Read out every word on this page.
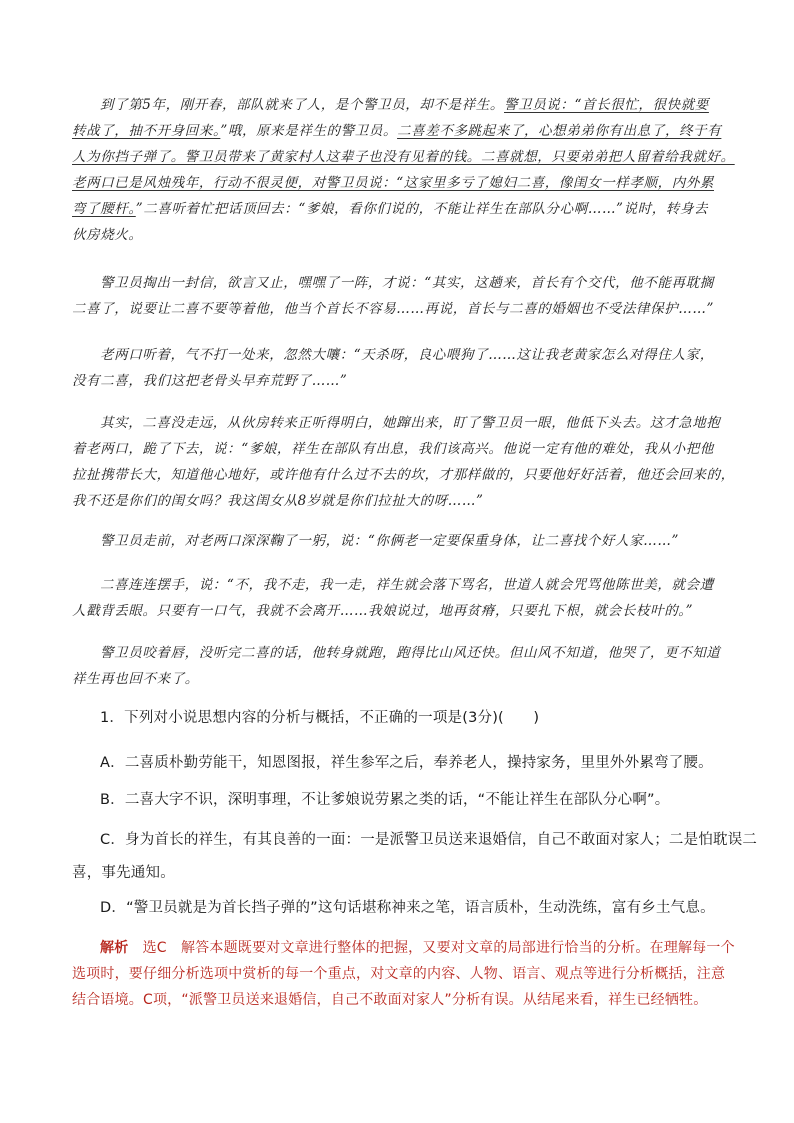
到了第5年，刚开春，部队就来了人，是个警卫员，却不是祥生。警卫员说：“首长很忙，很快就要

转战了，抽不开身回来。”哦，原来是祥生的警卫员。二喜差不多跳起来了，心想弟弟你有出息了，终于有

人为你挡子弹了。警卫员带来了黄家村人这辈子也没有见着的钱。二喜就想，只要弟弟把人留着给我就好。

老两口已是风烛残年，行动不很灵便，对警卫员说：“这家里多亏了媳妇二喜，像闺女一样孝顺，内外累

弯了腰杆。”二喜听着忙把话顶回去：“爹娘，看你们说的，不能让祥生在部队分心啊……”说时，转身去

伙房烧火。

警卫员掏出一封信，欲言又止，嘿嘿了一阵，才说：“其实，这趟来，首长有个交代，他不能再耽搁

二喜了，说要让二喜不要等着他，他当个首长不容易……再说，首长与二喜的婚姻也不受法律保护……”

老两口听着，气不打一处来，忽然大嚷：“天杀呀，良心喂狗了……这让我老黄家怎么对得住人家，

没有二喜，我们这把老骨头早弃荒野了……”

其实，二喜没走远，从伙房转来正听得明白，她蹿出来，盯了警卫员一眼，他低下头去。这才急地抱

着老两口，跪了下去，说：“爹娘，祥生在部队有出息，我们该高兴。他说一定有他的难处，我从小把他

拉扯携带长大，知道他心地好，或许他有什么过不去的坎，才那样做的，只要他好好活着，他还会回来的，

我不还是你们的闺女吗？我这闺女从8岁就是你们拉扯大的呀……”

警卫员走前，对老两口深深鞠了一躬，说：“你俩老一定要保重身体，让二喜找个好人家……”

二喜连连摆手，说：“不，我不走，我一走，祥生就会落下骂名，世道人就会咒骂他陈世美，就会遭

人戳背丢眼。只要有一口气，我就不会离开……我娘说过，地再贫瘠，只要扎下根，就会长枝叶的。”

警卫员咬着唇，没听完二喜的话，他转身就跑，跑得比山风还快。但山风不知道，他哭了，更不知道

祥生再也回不来了。

1．下列对小说思想内容的分析与概括，不正确的一项是(3分)(　　)

A．二喜质朴勤劳能干，知恩图报，祥生参军之后，奉养老人，操持家务，里里外外累弯了腰。

B．二喜大字不识，深明事理，不让爹娘说劳累之类的话，“不能让祥生在部队分心啊”。

C．身为首长的祥生，有其良善的一面：一是派警卫员送来退婚信，自己不敢面对家人；二是怕耽误二

喜，事先通知。

D．“警卫员就是为首长挡子弹的”这句话堪称神来之笔，语言质朴，生动洗练，富有乡土气息。

解析　选C　解答本题既要对文章进行整体的把握，又要对文章的局部进行恰当的分析。在理解每一个

选项时，要仔细分析选项中赏析的每一个重点，对文章的内容、人物、语言、观点等进行分析概括，注意

结合语境。C项，“派警卫员送来退婚信，自己不敢面对家人”分析有误。从结尾来看，祥生已经牺牲。
